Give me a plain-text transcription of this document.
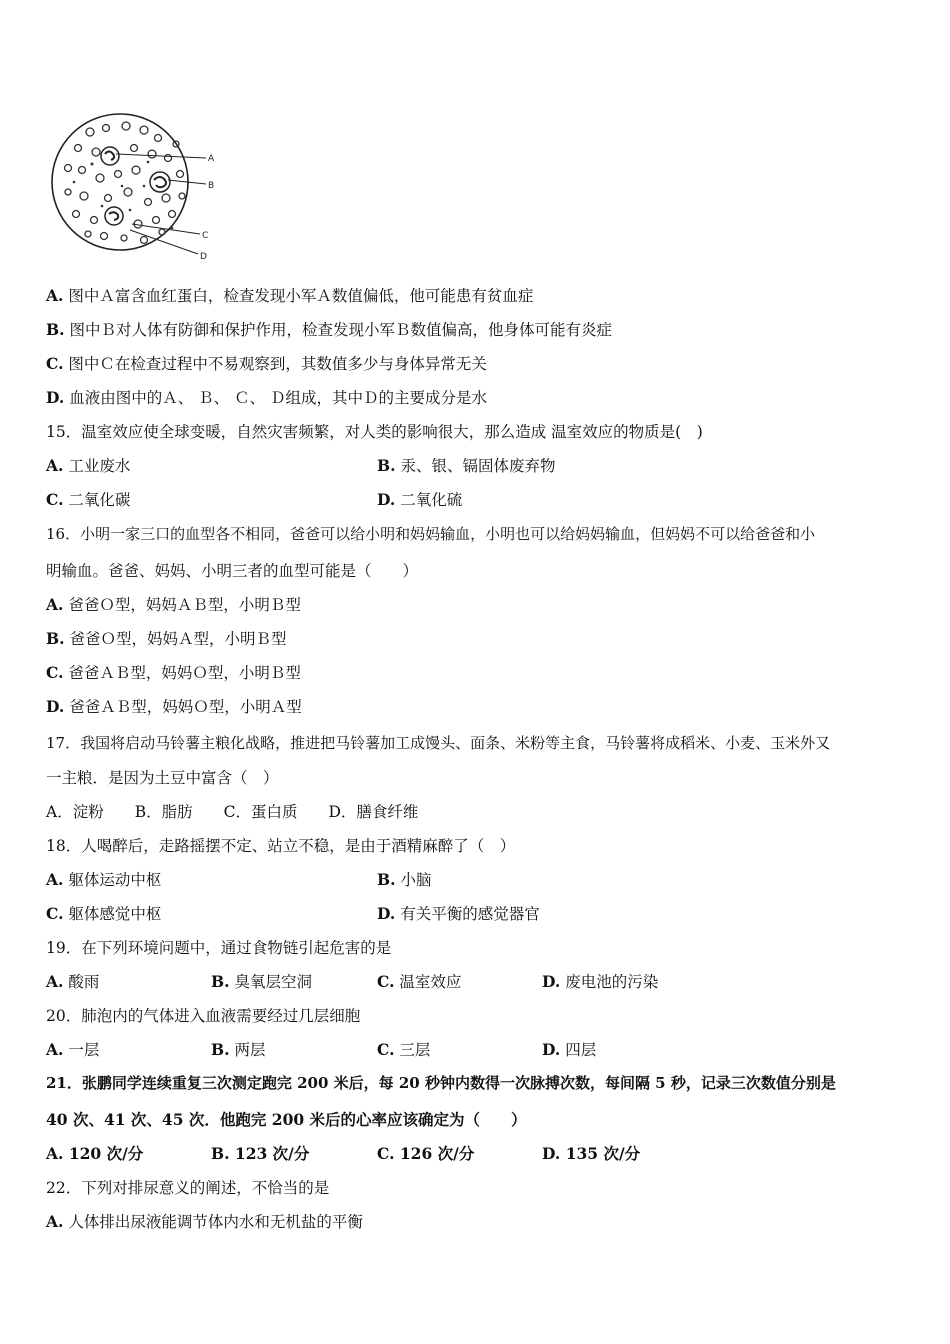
A
B
C
D
A. 图中Ａ富含血红蛋白，检查发现小军Ａ数值偏低，他可能患有贫血症
B. 图中Ｂ对人体有防御和保护作用，检查发现小军Ｂ数值偏高，他身体可能有炎症
C. 图中Ｃ在检查过程中不易观察到，其数值多少与身体异常无关
D. 血液由图中的Ａ、 Ｂ、 Ｃ、 Ｄ组成，其中Ｄ的主要成分是水
15．温室效应使全球变暖，自然灾害频繁，对人类的影响很大，那么造成 温室效应的物质是(　)
A. 工业废水	B. 汞、银、镉固体废弃物
C. 二氧化碳	D. 二氧化硫
16．小明一家三口的血型各不相同，爸爸可以给小明和妈妈输血，小明也可以给妈妈输血，但妈妈不可以给爸爸和小
明输血。爸爸、妈妈、小明三者的血型可能是（　　）
A. 爸爸Ｏ型，妈妈ＡＢ型，小明Ｂ型
B. 爸爸Ｏ型，妈妈Ａ型，小明Ｂ型
C. 爸爸ＡＢ型，妈妈Ｏ型，小明Ｂ型
D. 爸爸ＡＢ型，妈妈Ｏ型，小明Ａ型
17．我国将启动马铃薯主粮化战略，推进把马铃薯加工成馒头、面条、米粉等主食，马铃薯将成稻米、小麦、玉米外又
一主粮．是因为土豆中富含（　）
A．淀粉　　B．脂肪　　C．蛋白质　　D．膳食纤维
18．人喝醉后，走路摇摆不定、站立不稳，是由于酒精麻醉了（　）
A. 躯体运动中枢	B. 小脑
C. 躯体感觉中枢	D. 有关平衡的感觉器官
19．在下列环境问题中，通过食物链引起危害的是
A. 酸雨	B. 臭氧层空洞	C. 温室效应	D. 废电池的污染
20．肺泡内的气体进入血液需要经过几层细胞
A. 一层	B. 两层	C. 三层	D. 四层
21．张鹏同学连续重复三次测定跑完 200 米后，每 20 秒钟内数得一次脉搏次数，每间隔 5 秒，记录三次数值分别是
40 次、41 次、45 次．他跑完 200 米后的心率应该确定为（　　）
A. 120 次/分	B. 123 次/分	C. 126 次/分	D. 135 次/分
22．下列对排尿意义的阐述，不恰当的是
A. 人体排出尿液能调节体内水和无机盐的平衡
